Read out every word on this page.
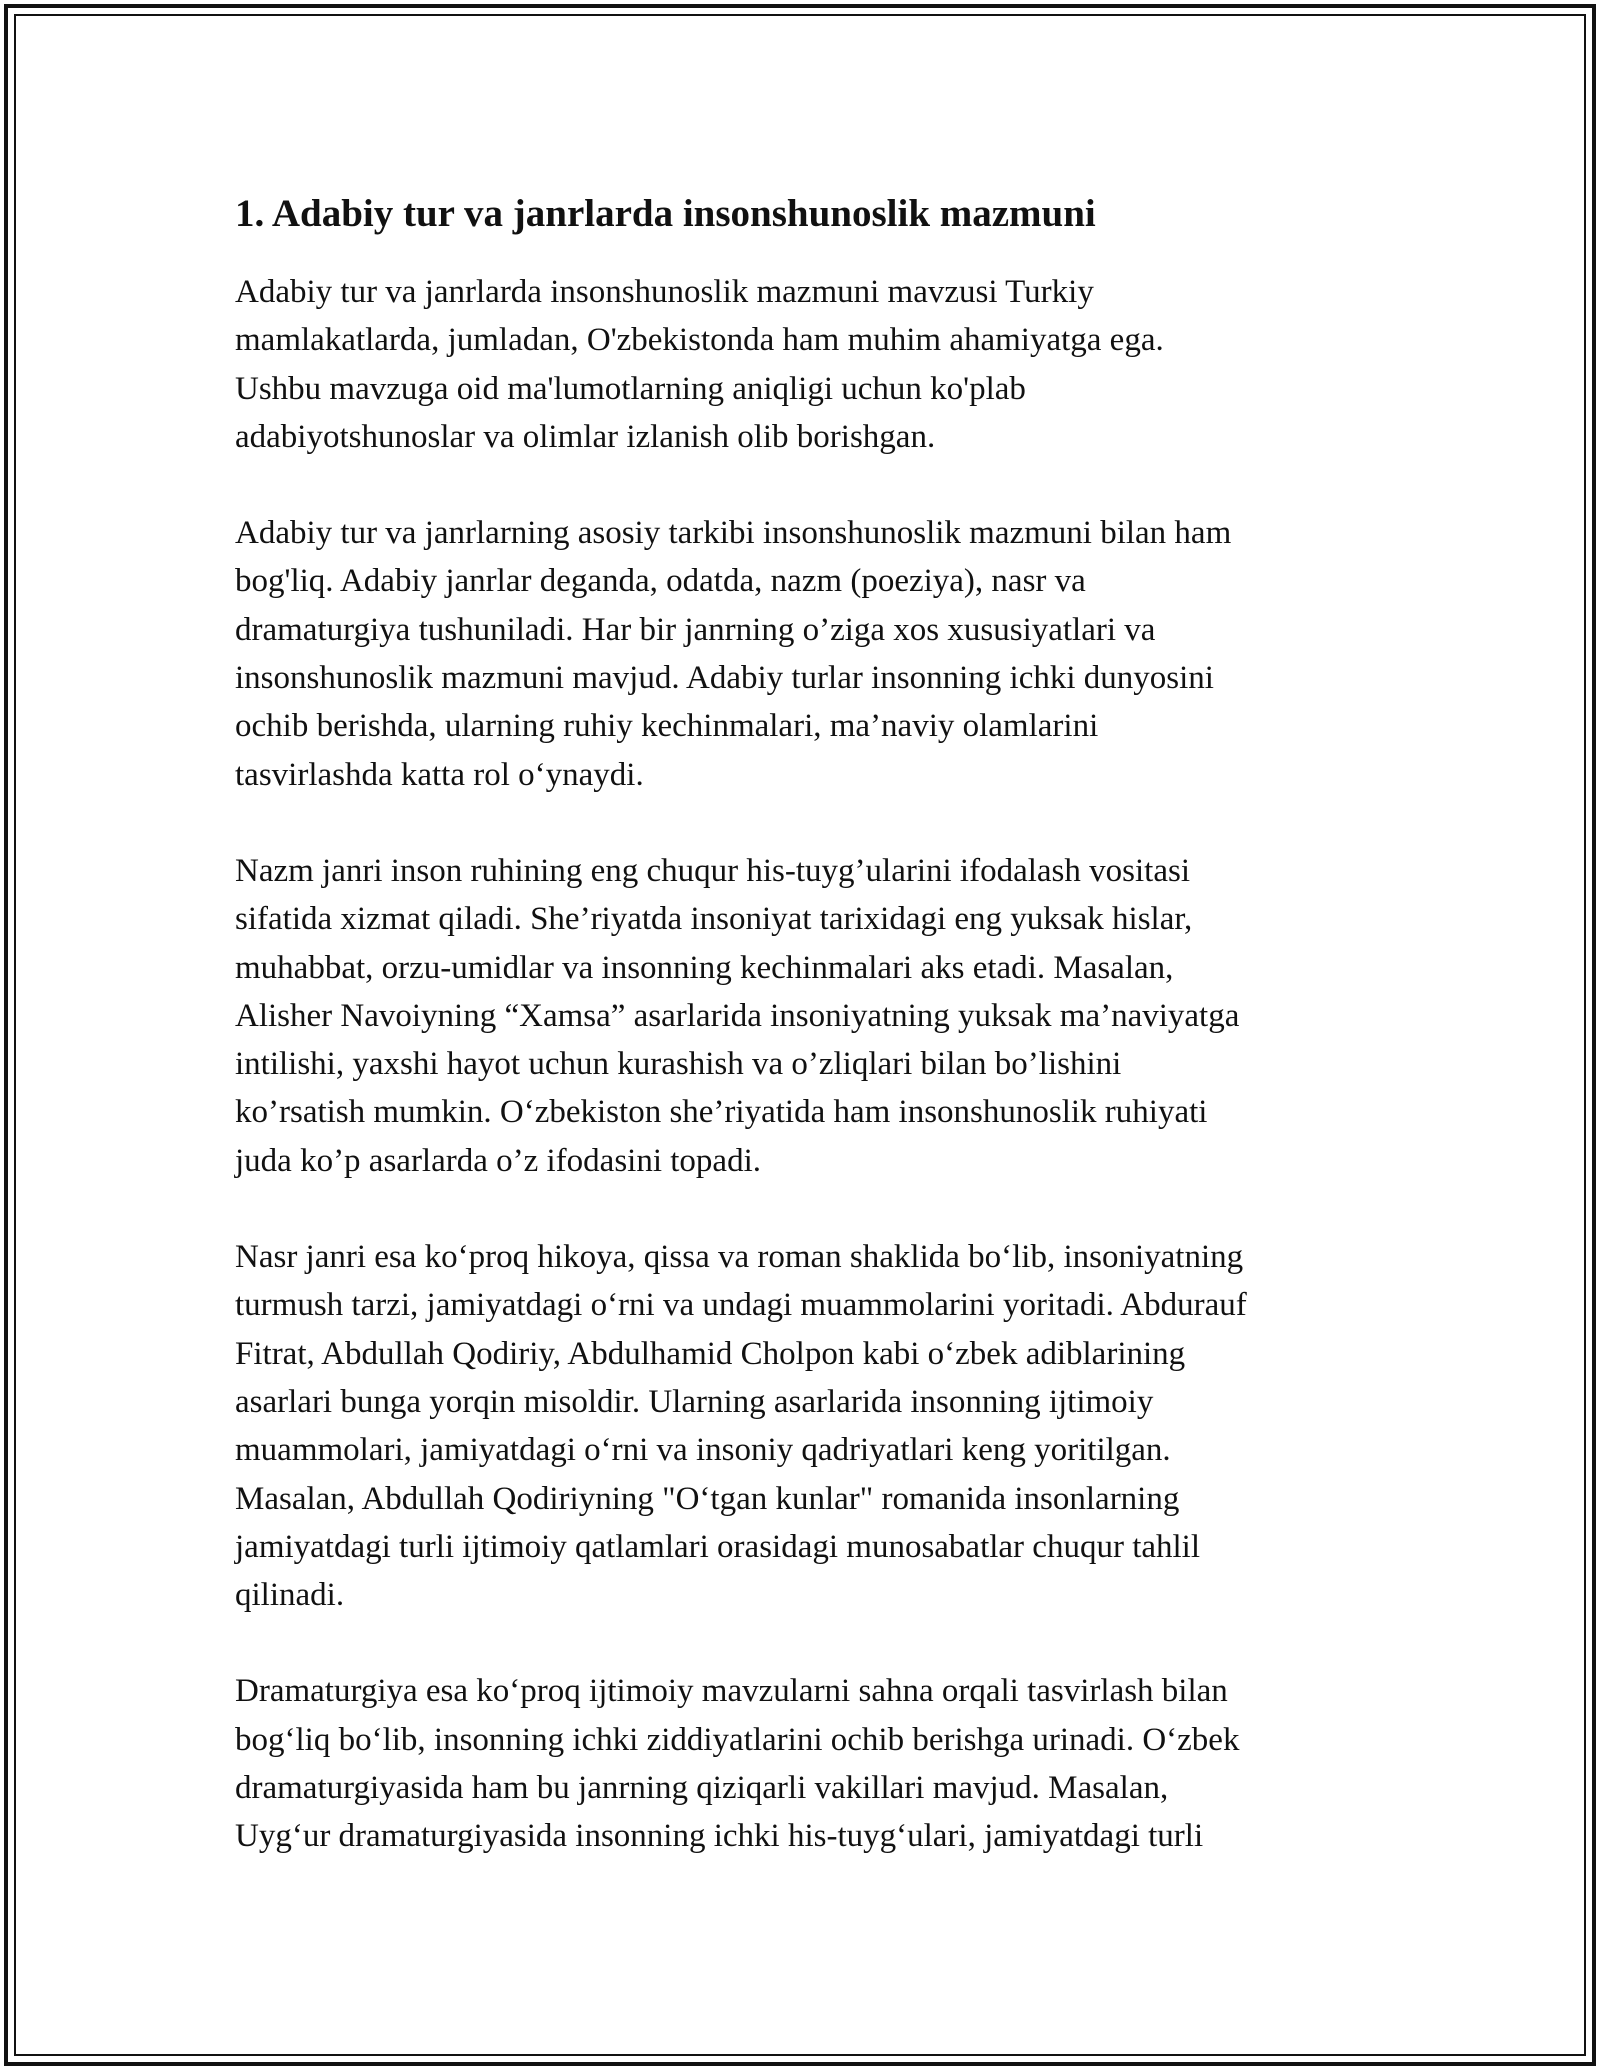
1. Adabiy tur va janrlarda insonshunoslik mazmuni

Adabiy tur va janrlarda insonshunoslik mazmuni mavzusi Turkiy
mamlakatlarda, jumladan, O'zbekistonda ham muhim ahamiyatga ega.
Ushbu mavzuga oid ma'lumotlarning aniqligi uchun ko'plab
adabiyotshunoslar va olimlar izlanish olib borishgan.

Adabiy tur va janrlarning asosiy tarkibi insonshunoslik mazmuni bilan ham
bog'liq. Adabiy janrlar deganda, odatda, nazm (poeziya), nasr va
dramaturgiya tushuniladi. Har bir janrning o’ziga xos xususiyatlari va
insonshunoslik mazmuni mavjud. Adabiy turlar insonning ichki dunyosini
ochib berishda, ularning ruhiy kechinmalari, ma’naviy olamlarini
tasvirlashda katta rol o‘ynaydi.

Nazm janri inson ruhining eng chuqur his-tuyg’ularini ifodalash vositasi
sifatida xizmat qiladi. She’riyatda insoniyat tarixidagi eng yuksak hislar,
muhabbat, orzu-umidlar va insonning kechinmalari aks etadi. Masalan,
Alisher Navoiyning “Xamsa” asarlarida insoniyatning yuksak ma’naviyatga
intilishi, yaxshi hayot uchun kurashish va o’zliqlari bilan bo’lishini
ko’rsatish mumkin. O‘zbekiston she’riyatida ham insonshunoslik ruhiyati
juda ko’p asarlarda o’z ifodasini topadi.

Nasr janri esa ko‘proq hikoya, qissa va roman shaklida bo‘lib, insoniyatning
turmush tarzi, jamiyatdagi o‘rni va undagi muammolarini yoritadi. Abdurauf
Fitrat, Abdullah Qodiriy, Abdulhamid Cholpon kabi o‘zbek adiblarining
asarlari bunga yorqin misoldir. Ularning asarlarida insonning ijtimoiy
muammolari, jamiyatdagi o‘rni va insoniy qadriyatlari keng yoritilgan.
Masalan, Abdullah Qodiriyning "O‘tgan kunlar" romanida insonlarning
jamiyatdagi turli ijtimoiy qatlamlari orasidagi munosabatlar chuqur tahlil
qilinadi.

Dramaturgiya esa ko‘proq ijtimoiy mavzularni sahna orqali tasvirlash bilan
bog‘liq bo‘lib, insonning ichki ziddiyatlarini ochib berishga urinadi. O‘zbek
dramaturgiyasida ham bu janrning qiziqarli vakillari mavjud. Masalan,
Uyg‘ur dramaturgiyasida insonning ichki his-tuyg‘ulari, jamiyatdagi turli
